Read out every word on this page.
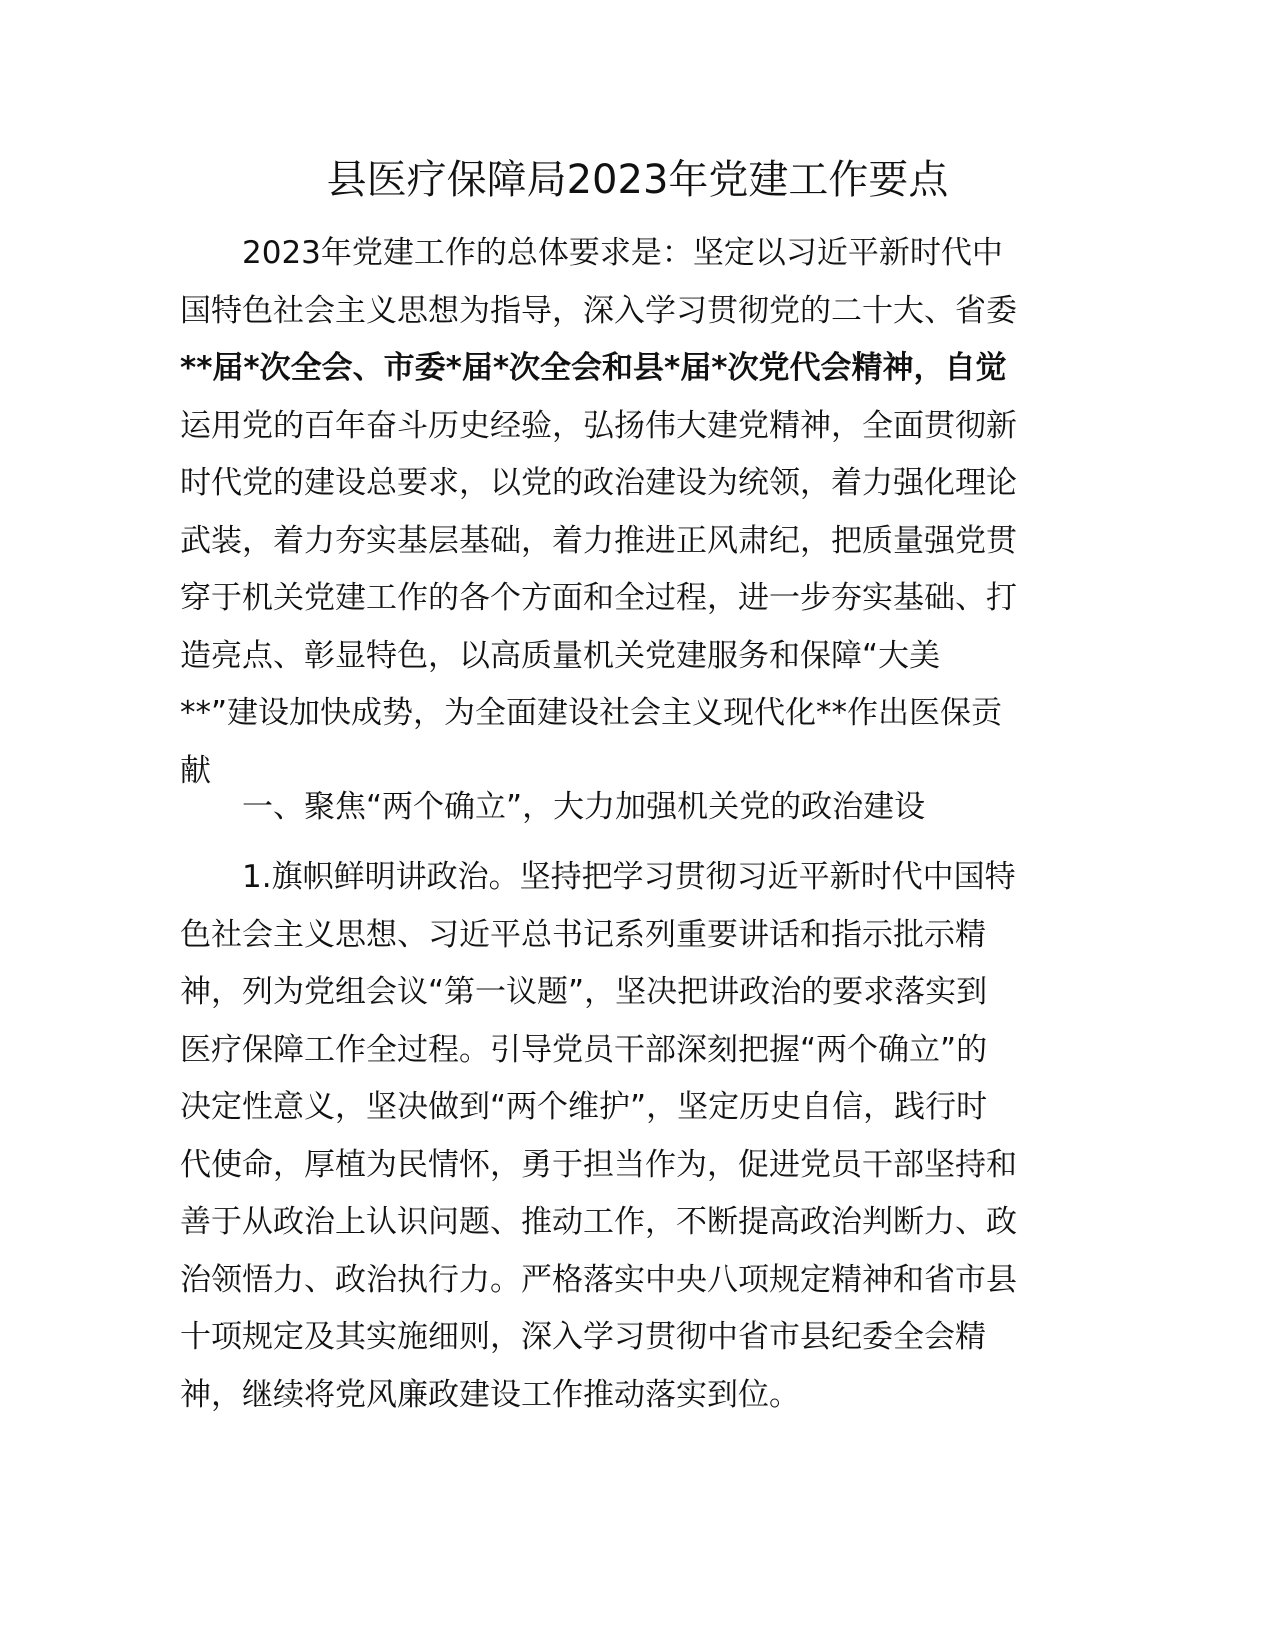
县医疗保障局2023年党建工作要点
2023年党建工作的总体要求是：坚定以习近平新时代中
国特色社会主义思想为指导，深入学习贯彻党的二十大、省委
**届*次全会、市委*届*次全会和县*届*次党代会精神，自觉
运用党的百年奋斗历史经验，弘扬伟大建党精神，全面贯彻新
时代党的建设总要求，以党的政治建设为统领，着力强化理论
武装，着力夯实基层基础，着力推进正风肃纪，把质量强党贯
穿于机关党建工作的各个方面和全过程，进一步夯实基础、打
造亮点、彰显特色，以高质量机关党建服务和保障“大美
**”建设加快成势，为全面建设社会主义现代化**作出医保贡
献
一、聚焦“两个确立”，大力加强机关党的政治建设
1.旗帜鲜明讲政治。坚持把学习贯彻习近平新时代中国特
色社会主义思想、习近平总书记系列重要讲话和指示批示精
神，列为党组会议“第一议题”，坚决把讲政治的要求落实到
医疗保障工作全过程。引导党员干部深刻把握“两个确立”的
决定性意义，坚决做到“两个维护”，坚定历史自信，践行时
代使命，厚植为民情怀，勇于担当作为，促进党员干部坚持和
善于从政治上认识问题、推动工作，不断提高政治判断力、政
治领悟力、政治执行力。严格落实中央八项规定精神和省市县
十项规定及其实施细则，深入学习贯彻中省市县纪委全会精
神，继续将党风廉政建设工作推动落实到位。
